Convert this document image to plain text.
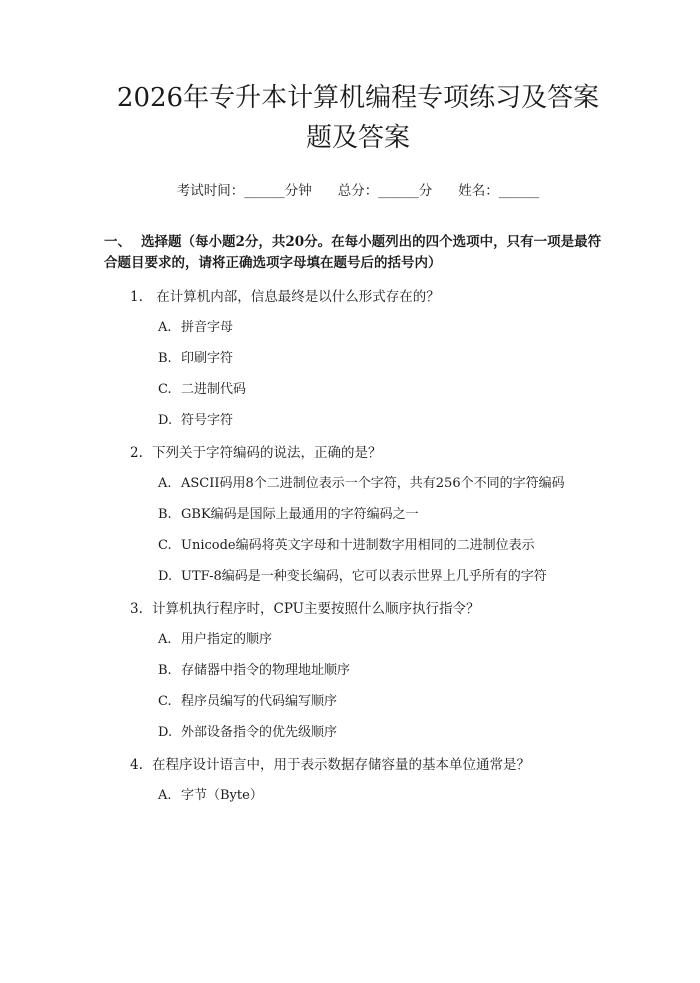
2026年专升本计算机编程专项练习及答案题及答案
考试时间：______分钟 总分：______分 姓名：______
一、 选择题（每小题2分，共20分。在每小题列出的四个选项中，只有一项是最符合题目要求的，请将正确选项字母填在题号后的括号内）
1. 在计算机内部，信息最终是以什么形式存在的？
A. 拼音字母
B. 印刷字符
C. 二进制代码
D. 符号字符
2. 下列关于字符编码的说法，正确的是？
A. ASCII码用8个二进制位表示一个字符，共有256个不同的字符编码
B. GBK编码是国际上最通用的字符编码之一
C. Unicode编码将英文字母和十进制数字用相同的二进制位表示
D. UTF-8编码是一种变长编码，它可以表示世界上几乎所有的字符
3. 计算机执行程序时，CPU主要按照什么顺序执行指令？
A. 用户指定的顺序
B. 存储器中指令的物理地址顺序
C. 程序员编写的代码编写顺序
D. 外部设备指令的优先级顺序
4. 在程序设计语言中，用于表示数据存储容量的基本单位通常是？
A. 字节（Byte）
